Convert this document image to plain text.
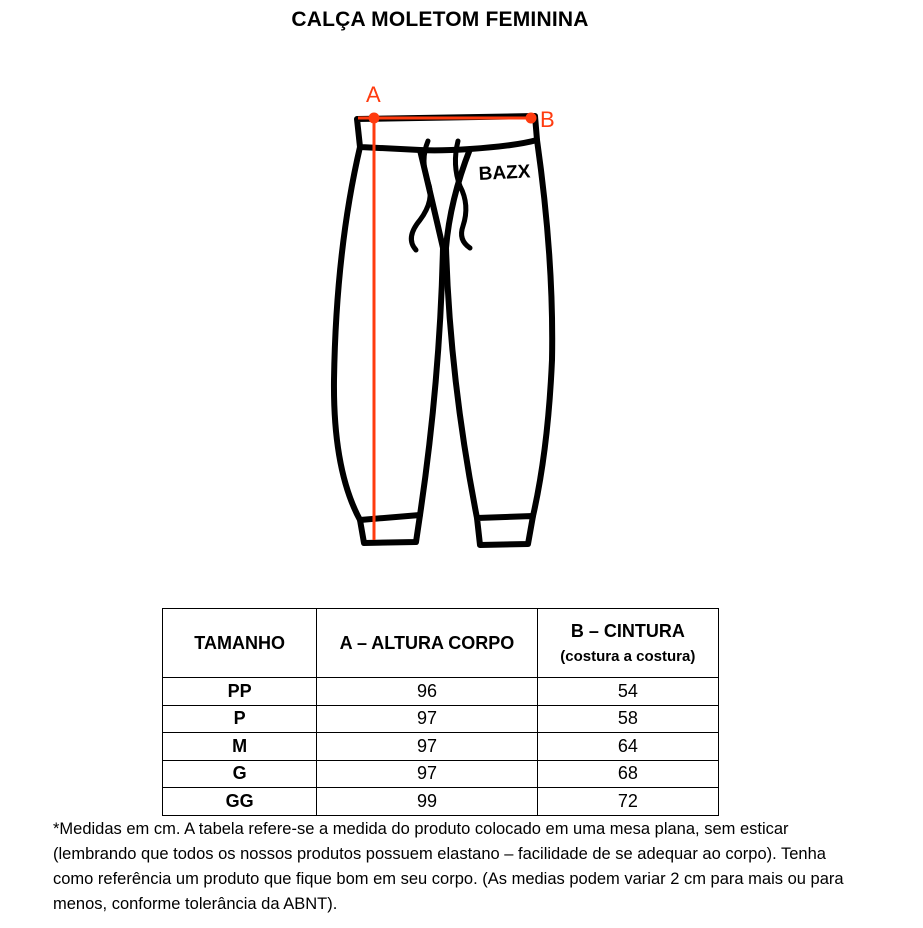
CALÇA MOLETOM FEMININA
A
B
BAZX
TAMANHO	A – ALTURA CORPO	B – CINTURA
(costura a costura)

PP	96	54
P	97	58
M	97	64
G	97	68
GG	99	72
*Medidas em cm. A tabela refere-se a medida do produto colocado em uma mesa plana, sem esticar (lembrando que todos os nossos produtos possuem elastano – facilidade de se adequar ao corpo). Tenha como referência um produto que fique bom em seu corpo. (As medias podem variar 2 cm para mais ou para menos, conforme tolerância da ABNT).
